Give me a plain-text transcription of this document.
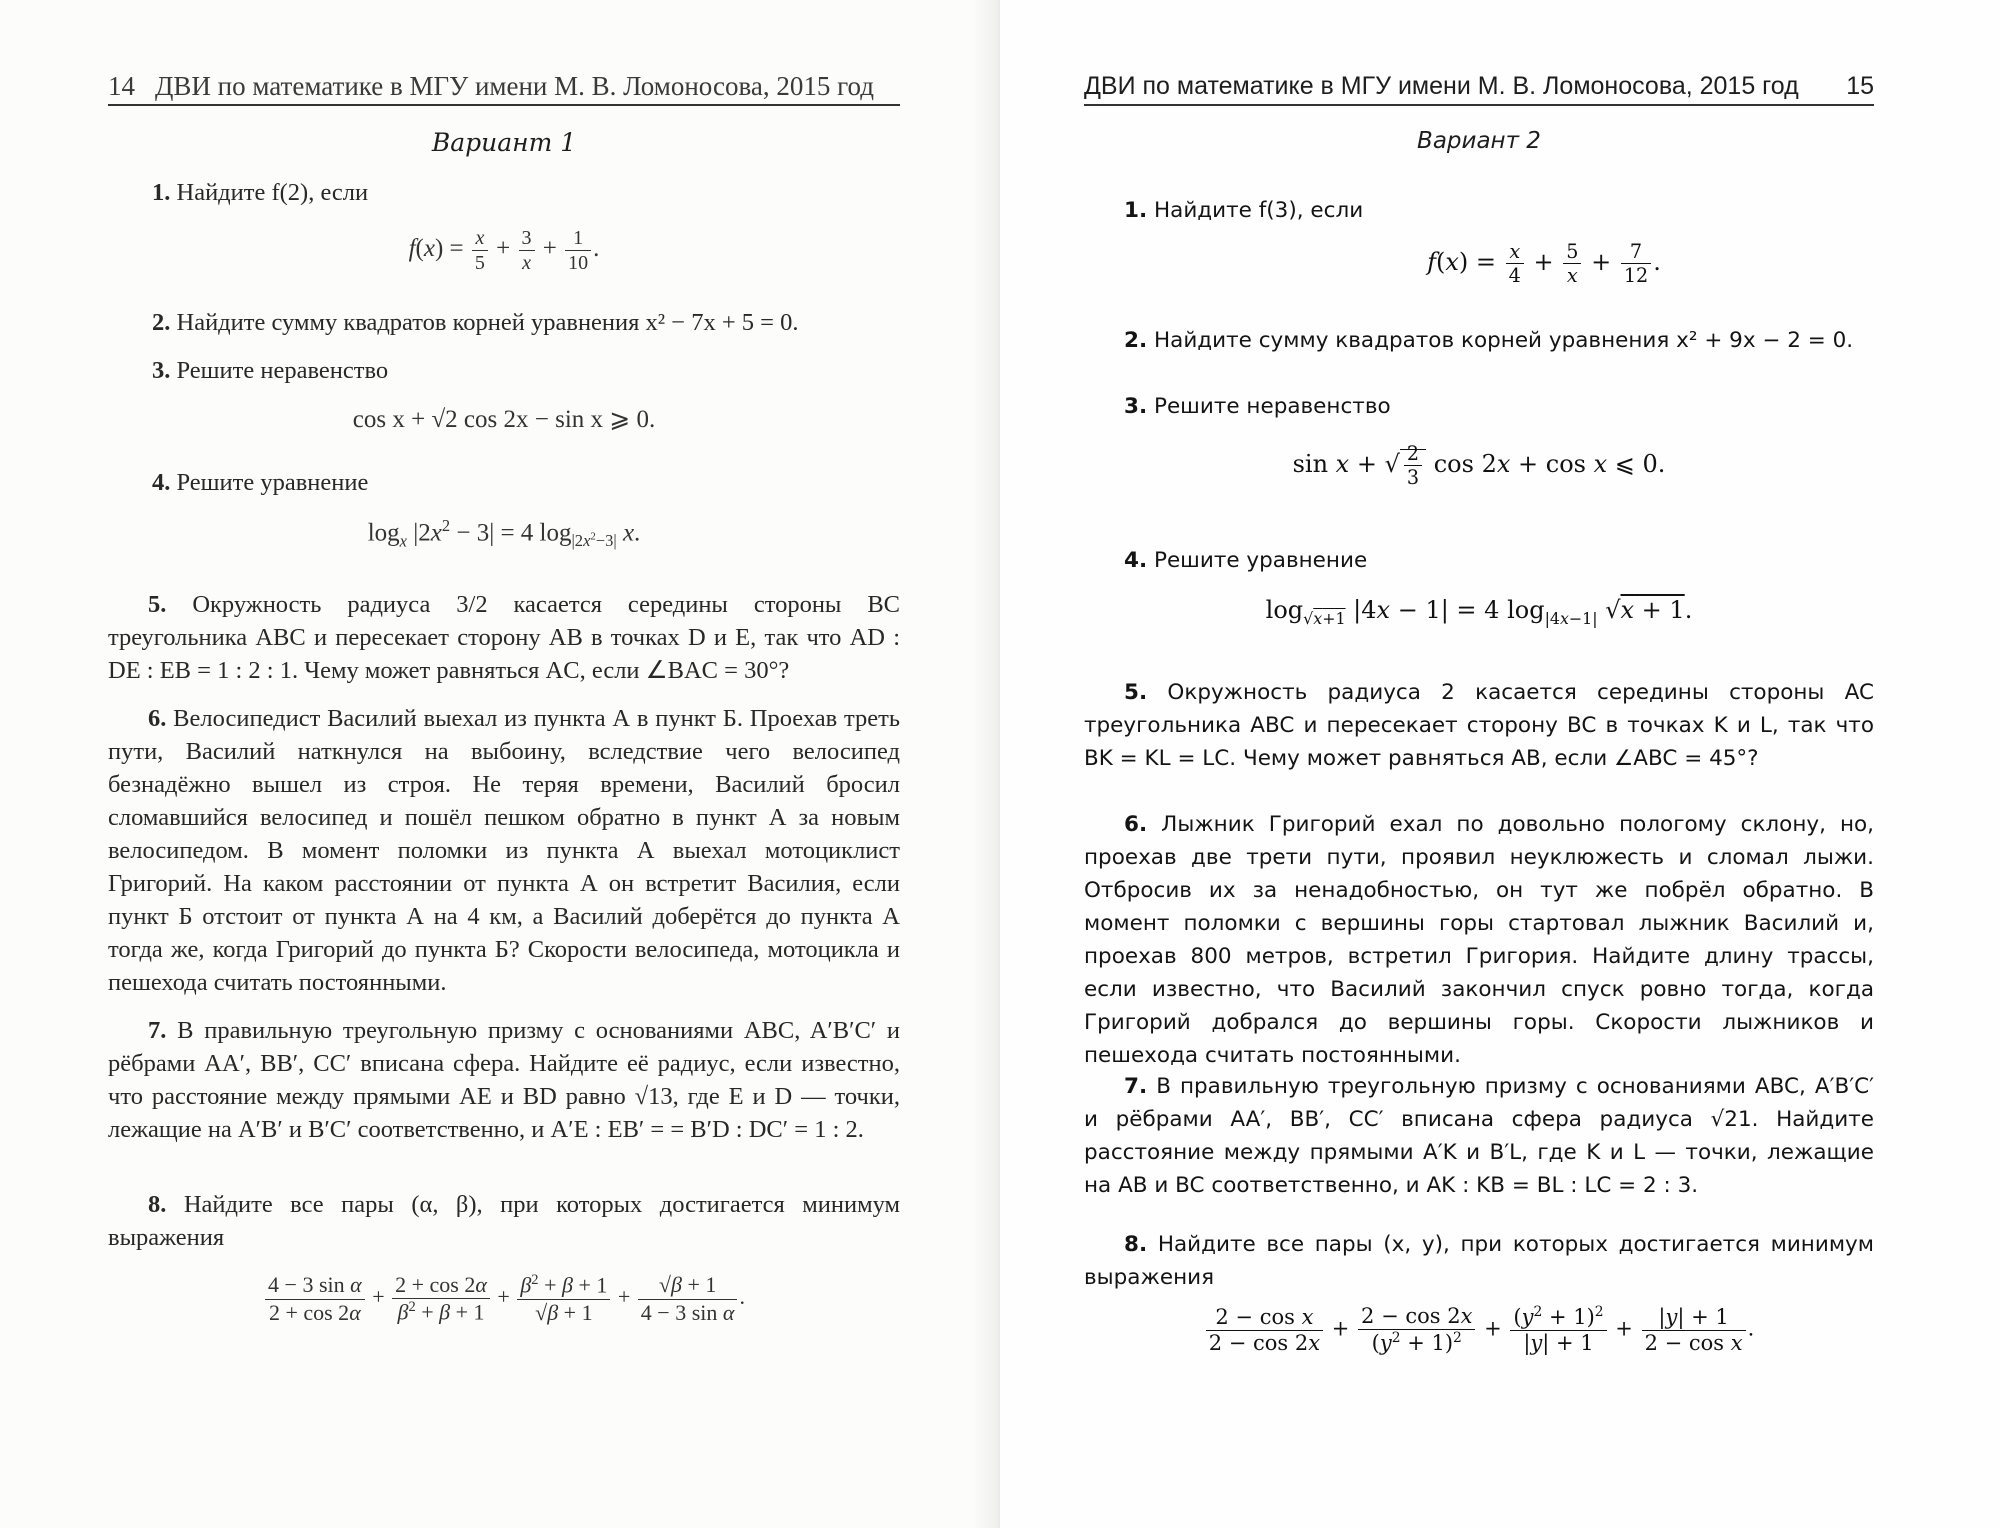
14 ДВИ по математике в МГУ имени М. В. Ломоносова, 2015 год
Вариант 1
1. Найдите f(2), если
$f(x) = \frac{x}{5} + \frac{3}{x} + \frac{1}{10}$ .
2. Найдите сумму квадратов корней уравнения x² − 7x + 5 = 0.
3. Решите неравенство
cos x + √2 cos 2x − sin x ⩾ 0.
4. Решите уравнение
$\log_x |2x^2 - 3| = 4$ $\log_{|2x^2-3|} x$.
5. Окружность радиуса 3/2 касается середины стороны BC треугольника ABC и пересекает сторону AB в точках D и E, так что AD : DE : EB = 1 : 2 : 1. Чему может равняться AC, если ∠BAC = 30°?
6. Велосипедист Василий выехал из пункта А в пункт Б. Проехав треть пути, Василий наткнулся на выбоину, вследствие чего велосипед безнадёжно вышел из строя. Не теряя времени, Василий бросил сломавшийся велосипед и пошёл пешком обратно в пункт А за новым велосипедом. В момент поломки из пункта А выехал мотоциклист Григорий. На каком расстоянии от пункта А он встретит Василия, если пункт Б отстоит от пункта А на 4 км, а Василий доберётся до пункта А тогда же, когда Григорий до пункта Б? Скорости велосипеда, мотоцикла и пешехода считать постоянными.
7. В правильную треугольную призму с основаниями ABC, A′B′C′ и рёбрами AA′, BB′, CC′ вписана сфера. Найдите её радиус, если известно, что расстояние между прямыми AE и BD равно √13, где E и D — точки, лежащие на A′B′ и B′C′ соответственно, и A′E : EB′ = = B′D : DC′ = 1 : 2.
8. Найдите все пары (α, β), при которых достигается минимум выражения
$\frac{\text{4 − 3 sin α}}{2 + \cos 2\alpha} + \frac{2 + \cos 2\alpha}{\beta^2 + \beta + 1} + \frac{\beta^2 + \beta + 1}{√\beta + 1} + \frac{√\beta + 1}{\text{4 − 3 sin α}}$ .
ДВИ по математике в МГУ имени М. В. Ломоносова, 2015 год 15
Вариант 2
1. Найдите f(3), если
$f(x) = \frac{x}{4} + \frac{5}{x} + \frac{7}{12}$ .
2. Найдите сумму квадратов корней уравнения x² + 9x − 2 = 0.
3. Решите неравенство
sin x + √ $\frac{2}{3}$ cos 2x + cos x ⩽ 0.
4. Решите уравнение
$\log_{√x+1} |4x - 1| = 4$ $\log_{|4x-1|} √x + 1$.
5. Окружность радиуса 2 касается середины стороны AC треугольника ABC и пересекает сторону BC в точках K и L, так что BK = KL = LC. Чему может равняться AB, если ∠ABC = 45°?
6. Лыжник Григорий ехал по довольно пологому склону, но, проехав две трети пути, проявил неуклюжесть и сломал лыжи. Отбросив их за ненадобностью, он тут же побрёл обратно. В момент поломки с вершины горы стартовал лыжник Василий и, проехав 800 метров, встретил Григория. Найдите длину трассы, если известно, что Василий закончил спуск ровно тогда, когда Григорий добрался до вершины горы. Скорости лыжников и пешехода считать постоянными.
7. В правильную треугольную призму с основаниями ABC, A′B′C′ и рёбрами AA′, BB′, CC′ вписана сфера радиуса √21. Найдите расстояние между прямыми A′K и B′L, где K и L — точки, лежащие на AB и BC соответственно, и AK : KB = BL : LC = 2 : 3.
8. Найдите все пары (x, y), при которых достигается минимум выражения
$\frac{\text{2 − cos x}}{2 - \cos 2x} + \frac{2 - \cos 2x}{(y^2 + 1)^2} + \frac{(y^2 + 1)^2}{|y| + 1} + \frac{|y| + 1}{\text{2 − cos x}}$ .
